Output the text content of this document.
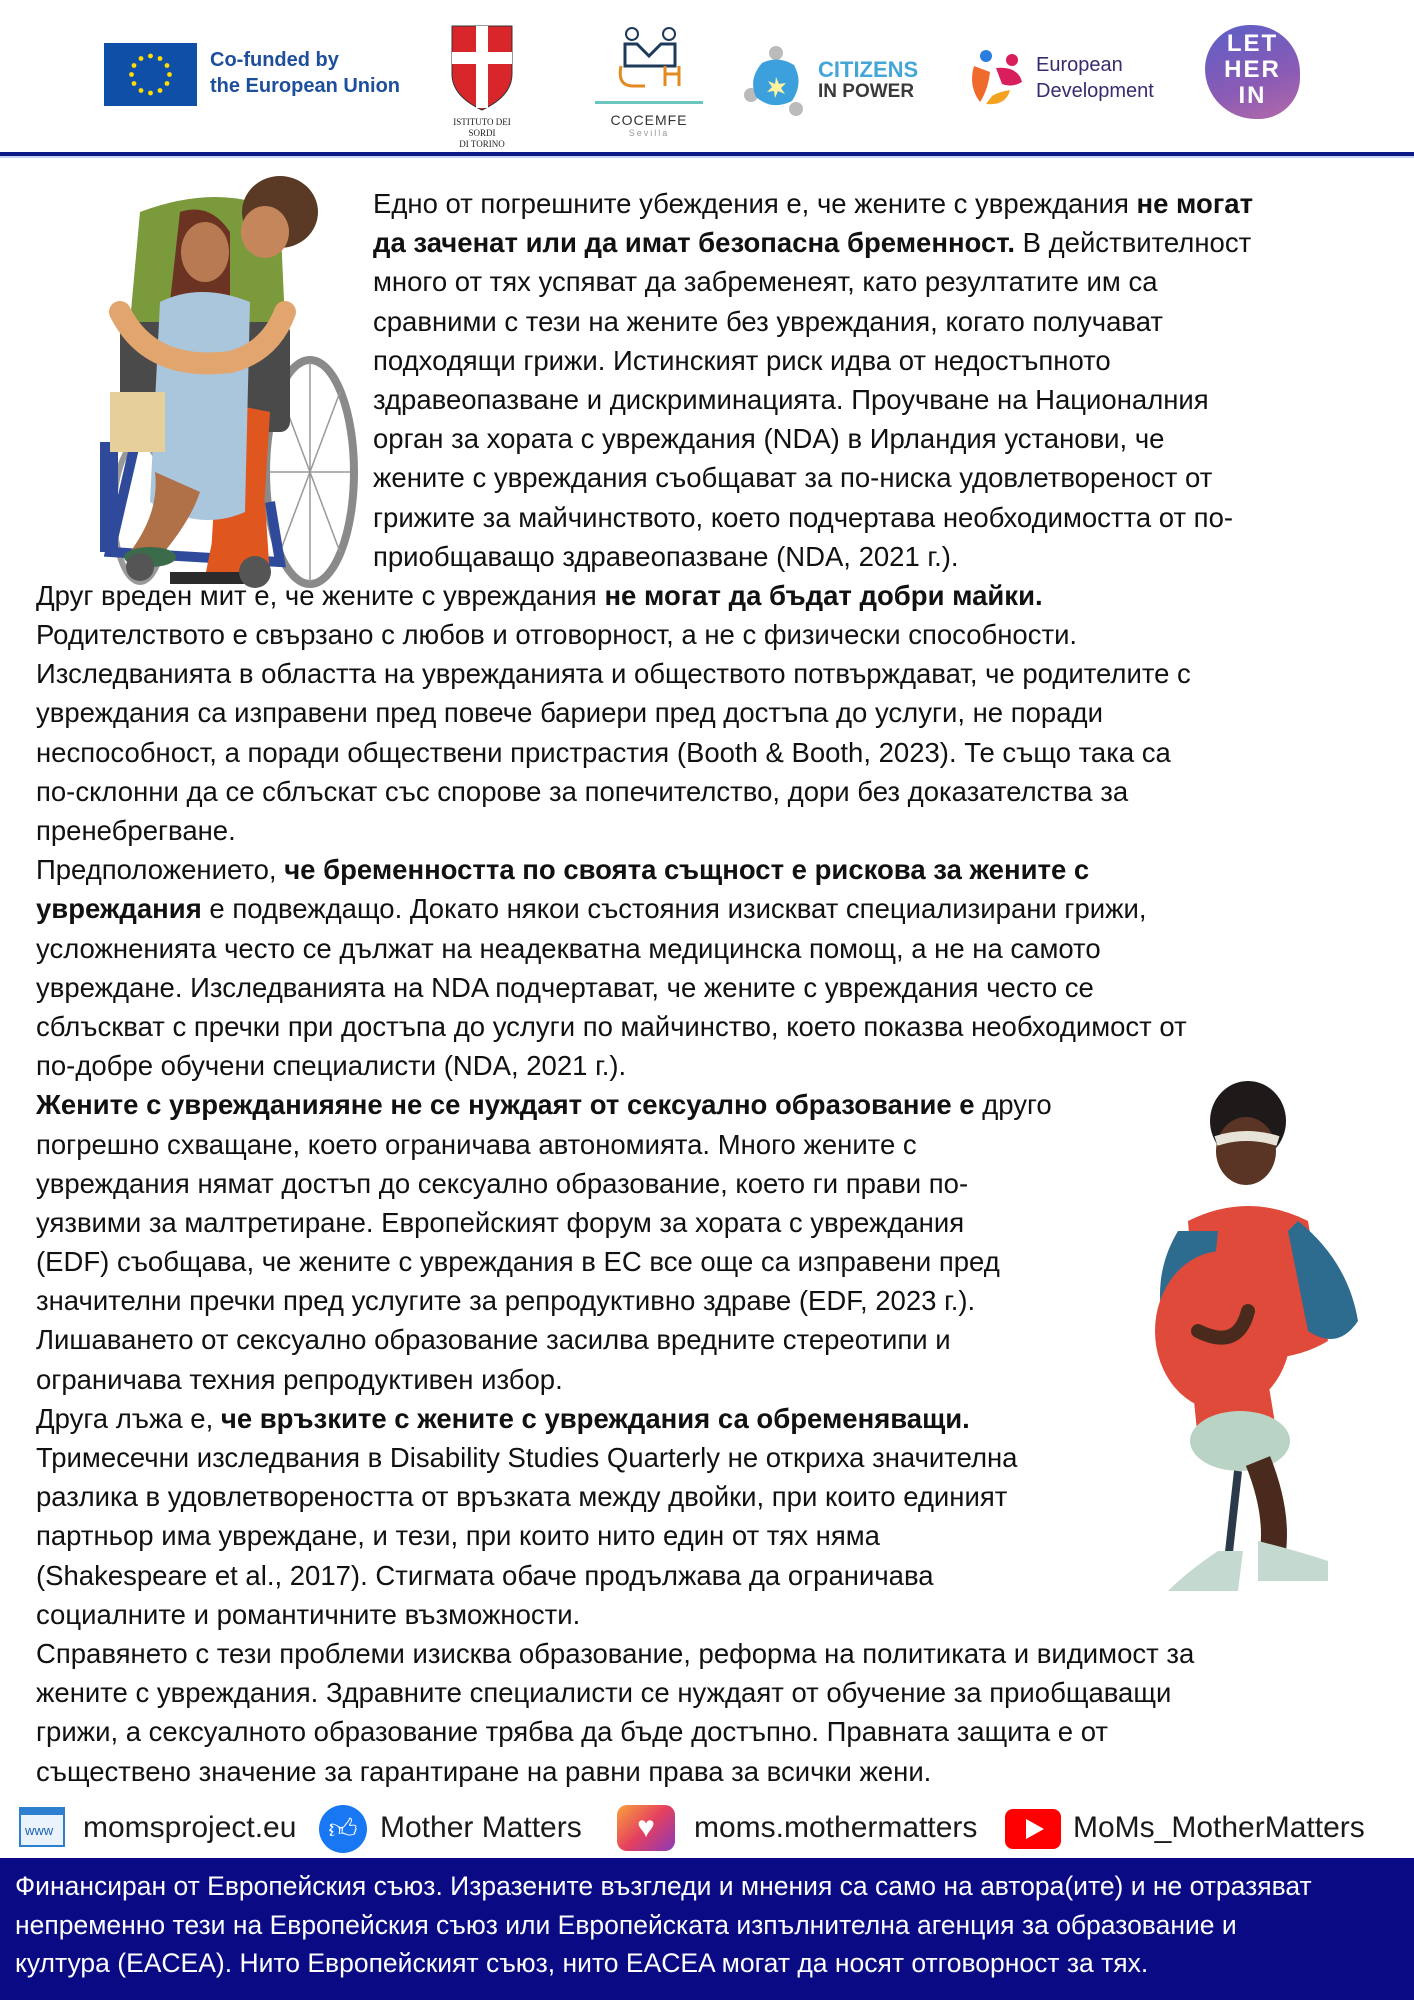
Co-funded by
the European Union
ISTITUTO DEI SORDI
DI TORINO
COCEMFE
Sevilla
CITIZENS
IN POWER
European
Development
LET
HER
IN
Едно от погрешните убеждения е, че жените с увреждания не могат
да заченат или да имат безопасна бременност. В действителност
много от тях успяват да забременеят, като резултатите им са
сравними с тези на жените без увреждания, когато получават
подходящи грижи. Истинският риск идва от недостъпното
здравеопазване и дискриминацията. Проучване на Националния
орган за хората с увреждания (NDA) в Ирландия установи, че
жените с увреждания съобщават за по-ниска удовлетвореност от
грижите за майчинството, което подчертава необходимостта от по-
приобщаващо здравеопазване (NDA, 2021 г.).
Друг вреден мит е, че жените с увреждания не могат да бъдат добри майки.
Родителството е свързано с любов и отговорност, а не с физически способности.
Изследванията в областта на уврежданията и обществото потвърждават, че родителите с
увреждания са изправени пред повече бариери пред достъпа до услуги, не поради
неспособност, а поради обществени пристрастия (Booth & Booth, 2023). Те също така са
по-склонни да се сблъскат със спорове за попечителство, дори без доказателства за
пренебрегване.
Предположението, че бременността по своята същност е рискова за жените с
увреждания е подвеждащо. Докато някои състояния изискват специализирани грижи,
усложненията често се дължат на неадекватна медицинска помощ, а не на самото
увреждане. Изследванията на NDA подчертават, че жените с увреждания често се
сблъскват с пречки при достъпа до услуги по майчинство, което показва необходимост от
по-добре обучени специалисти (NDA, 2021 г.).
Жените с уврежданияяне не се нуждаят от сексуално образование е друго
погрешно схващане, което ограничава автономията. Много жените с
увреждания нямат достъп до сексуално образование, което ги прави по-
уязвими за малтретиране. Европейският форум за хората с увреждания
(EDF) съобщава, че жените с увреждания в ЕС все още са изправени пред
значителни пречки пред услугите за репродуктивно здраве (EDF, 2023 г.).
Лишаването от сексуално образование засилва вредните стереотипи и
ограничава техния репродуктивен избор.
Друга лъжа е, че връзките с жените с увреждания са обременяващи.
Тримесечни изследвания в Disability Studies Quarterly не откриха значителна
разлика в удовлетвореността от връзката между двойки, при които единият
партньор има увреждане, и тези, при които нито един от тях няма
(Shakespeare et al., 2017). Стигмата обаче продължава да ограничава
социалните и романтичните възможности.
Справянето с тези проблеми изисква образование, реформа на политиката и видимост за
жените с увреждания. Здравните специалисти се нуждаят от обучение за приобщаващи
грижи, а сексуалното образование трябва да бъде достъпно. Правната защита е от
съществено значение за гарантиране на равни права за всички жени.
www momsproject.eu	👍︎ Mother Matters	♥	moms.mothermatters	MoMs_MotherMatters
Финансиран от Европейския съюз. Изразените възгледи и мнения са само на автора(ите) и не отразяват
непременно тези на Европейския съюз или Европейската изпълнителна агенция за образование и
култура (EACEA). Нито Европейският съюз, нито EACEA могат да носят отговорност за тях.
